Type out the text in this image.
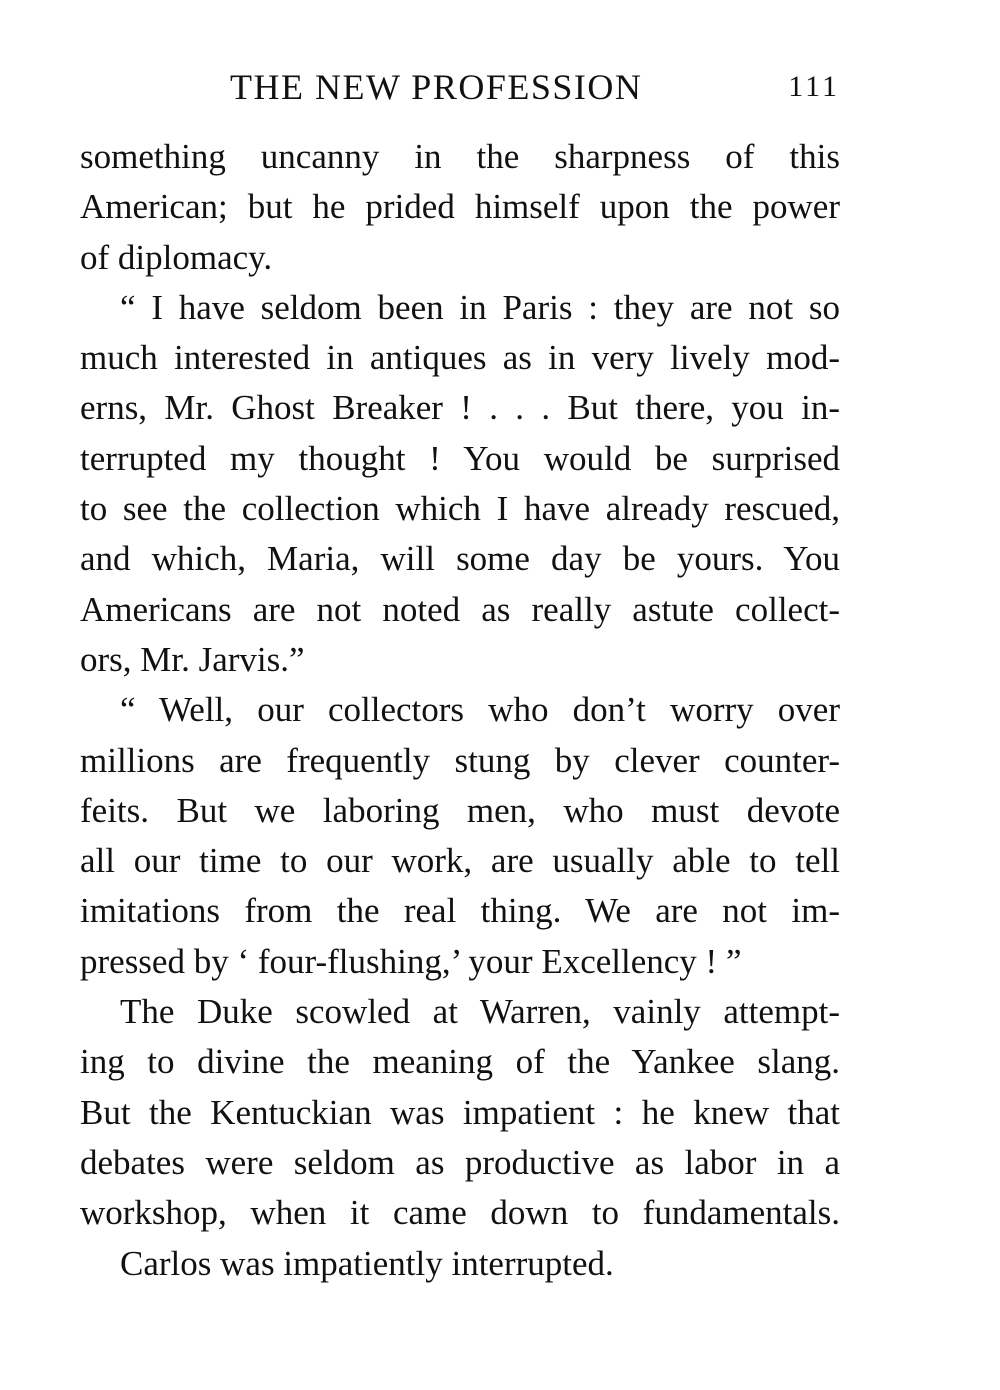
THE NEW PROFESSION	111
something uncanny in the sharpness of this
American; but he prided himself upon the power
of diplomacy.
“ I have seldom been in Paris : they are not so
much interested in antiques as in very lively mod-
erns, Mr. Ghost Breaker ! . . . But there, you in-
terrupted my thought ! You would be surprised
to see the collection which I have already rescued,
and which, Maria, will some day be yours. You
Americans are not noted as really astute collect-
ors, Mr. Jarvis.”
“ Well, our collectors who don’t worry over
millions are frequently stung by clever counter-
feits. But we laboring men, who must devote
all our time to our work, are usually able to tell
imitations from the real thing. We are not im-
pressed by ‘ four-flushing,’ your Excellency ! ”
The Duke scowled at Warren, vainly attempt-
ing to divine the meaning of the Yankee slang.
But the Kentuckian was impatient : he knew that
debates were seldom as productive as labor in a
workshop, when it came down to fundamentals.
Carlos was impatiently interrupted.
